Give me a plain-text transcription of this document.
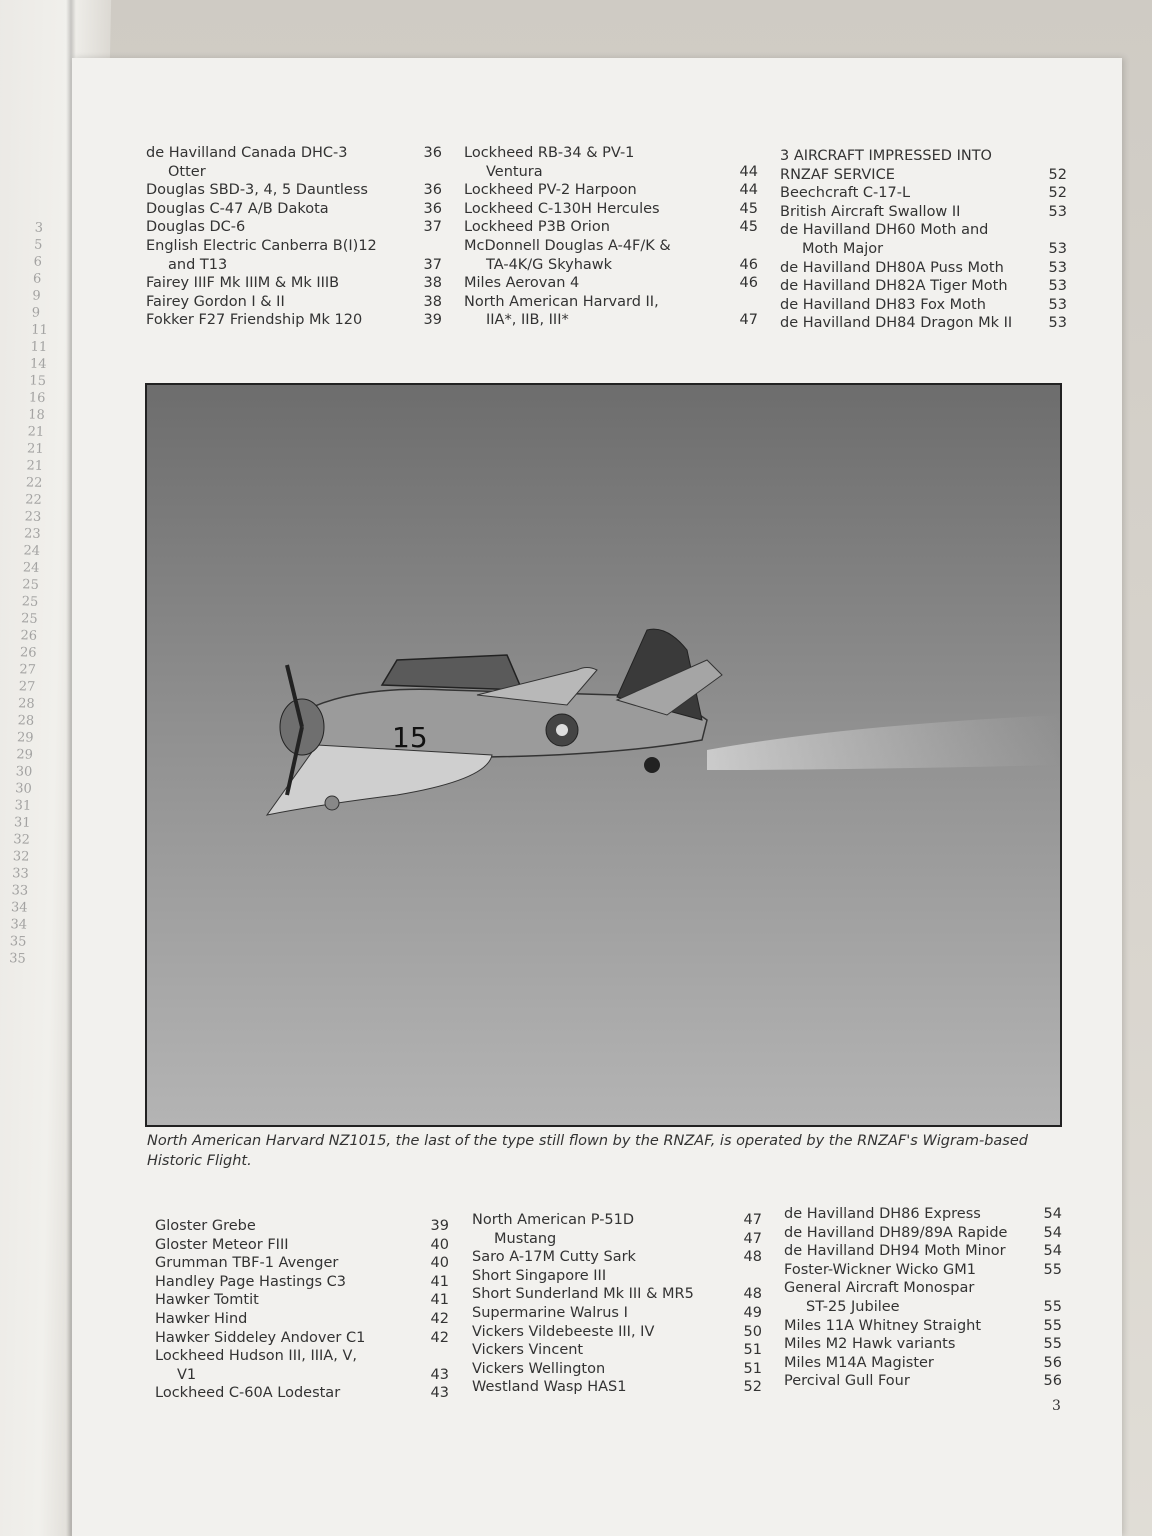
3
5
6
6
9
9
11
11
14
15
16
18
21
21
21
22
22
23
23
24
24
25
25
25
26
26
27
27
28
28
29
29
30
30
31
31
32
32
33
33
34
34
35
35
de Havilland Canada DHC-3	36
Otter
Douglas SBD-3, 4, 5 Dauntless	36
Douglas C-47 A/B Dakota	36
Douglas DC-6	37
English Electric Canberra B(I)12
and T13	37
Fairey IIIF Mk IIIM & Mk IIIB	38
Fairey Gordon I & II	38
Fokker F27 Friendship Mk 120	39
Lockheed RB-34 & PV-1
Ventura	44
Lockheed PV-2 Harpoon	44
Lockheed C-130H Hercules	45
Lockheed P3B Orion	45
McDonnell Douglas A-4F/K &
TA-4K/G Skyhawk	46
Miles Aerovan 4	46
North American Harvard II,
IIA*, IIB, III*	47
3 AIRCRAFT IMPRESSED INTO
RNZAF SERVICE	52
Beechcraft C-17-L	52
British Aircraft Swallow II	53
de Havilland DH60 Moth and
Moth Major	53
de Havilland DH80A Puss Moth	53
de Havilland DH82A Tiger Moth	53
de Havilland DH83 Fox Moth	53
de Havilland DH84 Dragon Mk II	53
15
North American Harvard NZ1015, the last of the type still flown by the RNZAF, is operated by the RNZAF's Wigram-based Historic Flight.
Gloster Grebe	39
Gloster Meteor FIII	40
Grumman TBF-1 Avenger	40
Handley Page Hastings C3	41
Hawker Tomtit	41
Hawker Hind	42
Hawker Siddeley Andover C1	42
Lockheed Hudson III, IIIA, V,
V1	43
Lockheed C-60A Lodestar	43
North American P-51D	47
Mustang	47
Saro A-17M Cutty Sark	48
Short Singapore III
Short Sunderland Mk III & MR5	48
Supermarine Walrus I	49
Vickers Vildebeeste III, IV	50
Vickers Vincent	51
Vickers Wellington	51
Westland Wasp HAS1	52
de Havilland DH86 Express	54
de Havilland DH89/89A Rapide 54
de Havilland DH94 Moth Minor	54
Foster-Wickner Wicko GM1	55
General Aircraft Monospar
ST-25 Jubilee	55
Miles 11A Whitney Straight	55
Miles M2 Hawk variants	55
Miles M14A Magister	56
Percival Gull Four	56
3
